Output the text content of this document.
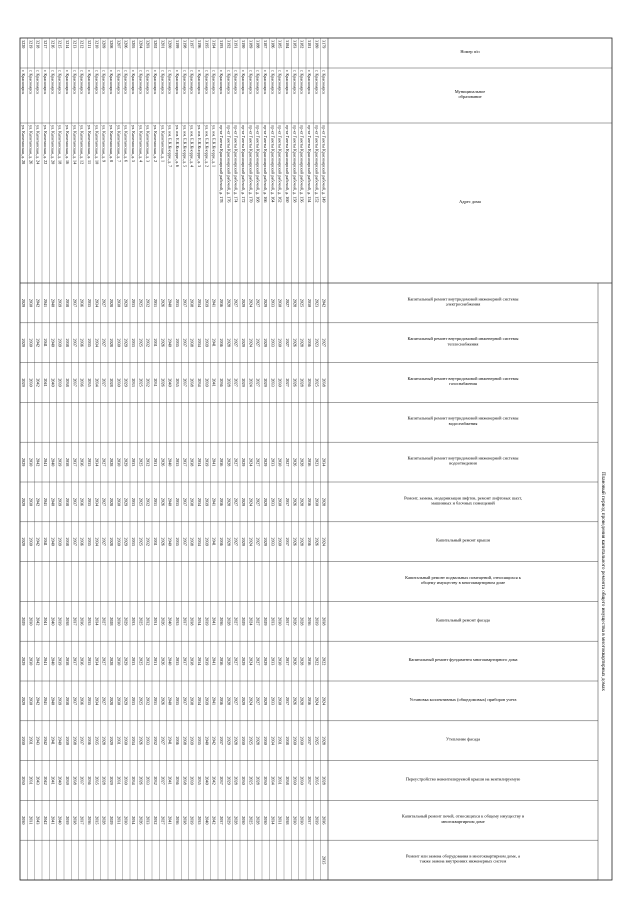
Плановый период проведения капитального ремонта общего имущества в многоквартирных домах
Номер п/п
Муниципальное образование
Адрес дома
Капитальный ремонт внутридомовой инженерной системы электроснабжения
Капитальный ремонт внутридомовой инженерной системы теплоснабжения
Капитальный ремонт внутридомовой инженерной системы газоснабжения
Капитальный ремонт внутридомовой инженерной системы водоснабжения
Капитальный ремонт внутридомовой инженерной системы водоотведения
Ремонт, замена, модернизация лифтов, ремонт лифтовых шахт, машинных и блочных помещений
Капитальный ремонт крыши
Капитальный ремонт подвальных помещений, относящихся к общему имуществу в многоквартирном доме
Капитальный ремонт фасада
Капитальный ремонт фундамента многоквартирного дома
Установка коллективных (общедомовых) приборов учета
Утепление фасада
Переустройство невентилируемой крыши на вентилируемую
Капитальный ремонт печей, относящихся к общему имуществу в многоквартирном доме
Ремонт или замена оборудования в многоквартирном доме, а также замена внутренних инженерных систем
3179
г. Красноярск
пр-кт Газеты Красноярский рабочий, д. 149
2042
2027
2038
2034
2028
2024
2038
2022
2024
2028
2028
2036
2035
3180
г. Красноярск
пр-кт Газеты Красноярский рабочий, д. 152
2023
2023
2025
2023
2030
2026
2039
2022
2024
2025
2035
2039
3181
г. Красноярск
пр-кт Газеты Красноярский рабочий, д. 154
2030
2036
2036
2036
2036
2036
2036
2036
2036
2037
2037
2037
3182
г. Красноярск
пр-кт Газеты Красноярский рабочий, д. 156
2025
2028
2028
2028
2028
2028
2028
2028
2028
2030
2030
2030
3183
г. Красноярск
пр-кт Газеты Красноярский рабочий, д. 158
2028
2026
2026
2026
2026
2026
2026
2026
2026
2030
2030
2030
3184
г. Красноярск
пр-кт Газеты Красноярский рабочий, д. 160
2027
2027
2027
2027
2037
2037
2037
2037
2037
2038
2038
2038
3185
г. Красноярск
пр-кт Газеты Красноярский рабочий, д. 162
2030
2030
2030
2030
2030
2030
2030
2030
2030
2031
2031
2031
3186
г. Красноярск
пр-кт Газеты Красноярский рабочий, д. 164
2033
2033
2033
2033
2033
2033
2033
2033
2033
2034
2034
2034
3187
г. Красноярск
пр-кт Газеты Красноярский рабочий, д. 166
2029
2029
2029
2029
2029
2029
2029
2029
2029
2030
2030
2030
3188
г. Красноярск
пр-кт Газеты Красноярский рабочий, д. 168
2027
2027
2027
2027
2027
2027
2027
2027
2027
2028
2028
2028
3189
г. Красноярск
пр-кт Газеты Красноярский рабочий, д. 170
2024
2024
2024
2024
2024
2024
2024
2024
2024
2025
2025
2025
3190
г. Красноярск
пр-кт Газеты Красноярский рабочий, д. 172
2029
2029
2029
2029
2029
2029
2029
2029
2029
2030
2030
2030
3191
г. Красноярск
пр-кт Газеты Красноярский рабочий, д. 174
2027
2027
2027
2027
2027
2027
2027
2027
2027
2028
2028
2028
3192
г. Красноярск
пр-кт Газеты Красноярский рабочий, д. 176
2028
2028
2028
2028
2028
2028
2028
2028
2028
2029
2029
2029
3193
г. Красноярск
пр-кт Газеты Красноярский рабочий, д. 178
2036
2036
2036
2036
2036
2036
2036
2036
2036
2037
2037
2037
3194
г. Красноярск
ул. им. Е.К.Кнорре, д. 1
2041
2041
2041
2041
2041
2041
2041
2041
2041
2042
2042
2042
3195
г. Красноярск
ул. им. Е.К.Кнорре, д. 2
2039
2039
2039
2039
2039
2039
2039
2039
2039
2040
2040
2040
3196
г. Красноярск
ул. им. Е.К.Кнорре, д. 3
2034
2034
2034
2034
2034
2034
2034
2034
2034
2035
2035
2035
3197
г. Красноярск
ул. им. Е.К.Кнорре, д. 4
2038
2038
2038
2038
2038
2038
2038
2038
2038
2039
2039
2039
3198
г. Красноярск
ул. им. Е.К.Кнорре, д. 5
2037
2037
2037
2037
2037
2037
2037
2037
2037
2038
2038
2038
3199
г. Красноярск
ул. им. Е.К.Кнорре, д. 6
2035
2035
2035
2035
2035
2035
2035
2035
2035
2036
2036
2036
3200
г. Красноярск
ул. им. Е.К.Кнорре, д. 7
2040
2040
2040
2040
2040
2040
2040
2040
2040
2041
2041
2041
3201
г. Красноярск
ул. Капитанская, д. 1
2026
2026
2026
2026
2026
2026
2026
2026
2026
2027
2027
2027
3202
г. Красноярск
ул. Капитанская, д. 2
2031
2031
2031
2031
2031
2031
2031
2031
2031
2032
2032
2032
3203
г. Красноярск
ул. Капитанская, д. 3
2032
2032
2032
2032
2032
2032
2032
2032
2032
2033
2033
2033
3204
г. Красноярск
ул. Капитанская, д. 4
2025
2025
2025
2025
2025
2025
2025
2025
2025
2026
2026
2026
3205
г. Красноярск
ул. Капитанская, д. 5
2033
2033
2033
2033
2033
2033
2033
2033
2033
2034
2034
2034
3206
г. Красноярск
ул. Капитанская, д. 6
2029
2029
2029
2029
2029
2029
2029
2029
2029
2030
2030
2030
3207
г. Красноярск
ул. Капитанская, д. 7
2030
2030
2030
2030
2030
2030
2030
2030
2030
2031
2031
2031
3208
г. Красноярск
ул. Капитанская, д. 8
2028
2028
2028
2028
2028
2028
2028
2028
2028
2029
2029
2029
3209
г. Красноярск
ул. Капитанская, д. 9
2027
2027
2027
2027
2027
2027
2027
2027
2027
2028
2028
2028
3210
г. Красноярск
ул. Капитанская, д. 10
2034
2034
2034
2034
2034
2034
2034
2034
2034
2035
2035
2035
3211
г. Красноярск
ул. Капитанская, д. 11
2035
2035
2035
2035
2035
2035
2035
2035
2035
2036
2036
2036
3212
г. Красноярск
ул. Капитанская, д. 12
2036
2036
2036
2036
2036
2036
2036
2036
2036
2037
2037
2037
3213
г. Красноярск
ул. Капитанская, д. 14
2037
2037
2037
2037
2037
2037
2037
2037
2037
2038
2038
2038
3214
г. Красноярск
ул. Капитанская, д. 16
2038
2038
2038
2038
2038
2038
2038
2038
2038
2039
2039
2039
3215
г. Красноярск
ул. Капитанская, д. 18
2039
2039
2039
2039
2039
2039
2039
2039
2039
2040
2040
2040
3216
г. Красноярск
ул. Капитанская, д. 20
2040
2040
2040
2040
2040
2040
2040
2040
2040
2041
2041
2041
3217
г. Красноярск
ул. Капитанская, д. 22
2041
2041
2041
2041
2041
2041
2041
2041
2041
2042
2042
2042
3218
г. Красноярск
ул. Капитанская, д. 24
2042
2042
2042
2042
2042
2042
2042
2042
2042
2043
2043
2043
3219
г. Красноярск
ул. Капитанская, д. 26
2030
2030
2030
2030
2030
2030
2030
2030
2030
2031
2031
2031
3220
г. Красноярск
ул. Капитанская, д. 28
2029
2029
2029
2029
2029
2029
2029
2029
2029
2030
2030
2030
